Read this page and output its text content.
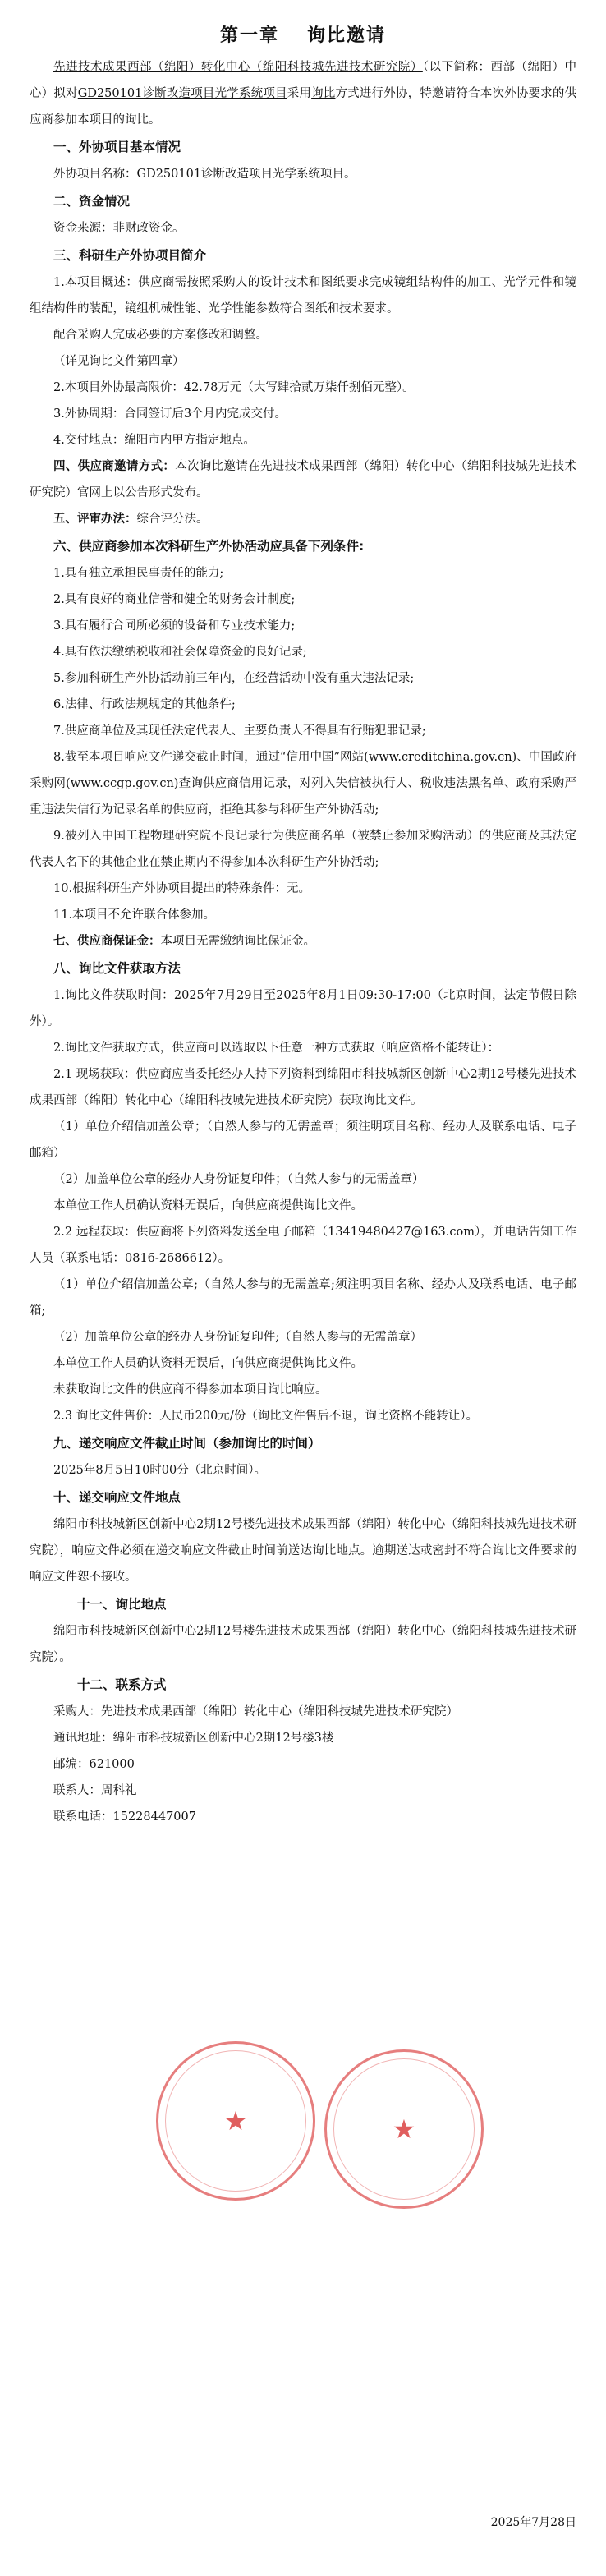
第一章 询比邀请

先进技术成果西部（绵阳）转化中心（绵阳科技城先进技术研究院）（以下简称：西部（绵阳）中心）拟对GD250101诊断改造项目光学系统项目采用询比方式进行外协，特邀请符合本次外协要求的供应商参加本项目的询比。

一、外协项目基本情况

外协项目名称：GD250101诊断改造项目光学系统项目。

二、资金情况

资金来源：非财政资金。

三、科研生产外协项目简介

1.本项目概述：供应商需按照采购人的设计技术和图纸要求完成镜组结构件的加工、光学元件和镜组结构件的装配，镜组机械性能、光学性能参数符合图纸和技术要求。

配合采购人完成必要的方案修改和调整。

（详见询比文件第四章）

2.本项目外协最高限价：42.78万元（大写肆拾贰万柒仟捌佰元整）。

3.外协周期：合同签订后3个月内完成交付。

4.交付地点：绵阳市内甲方指定地点。

四、供应商邀请方式：本次询比邀请在先进技术成果西部（绵阳）转化中心（绵阳科技城先进技术研究院）官网上以公告形式发布。

五、评审办法：综合评分法。

六、供应商参加本次科研生产外协活动应具备下列条件:

1.具有独立承担民事责任的能力;

2.具有良好的商业信誉和健全的财务会计制度;

3.具有履行合同所必须的设备和专业技术能力;

4.具有依法缴纳税收和社会保障资金的良好记录;

5.参加科研生产外协活动前三年内，在经营活动中没有重大违法记录;

6.法律、行政法规规定的其他条件;

7.供应商单位及其现任法定代表人、主要负责人不得具有行贿犯罪记录;

8.截至本项目响应文件递交截止时间，通过“信用中国”网站(www.creditchina.gov.cn)、中国政府采购网(www.ccgp.gov.cn)查询供应商信用记录，对列入失信被执行人、税收违法黑名单、政府采购严重违法失信行为记录名单的供应商，拒绝其参与科研生产外协活动;

9.被列入中国工程物理研究院不良记录行为供应商名单（被禁止参加采购活动）的供应商及其法定代表人名下的其他企业在禁止期内不得参加本次科研生产外协活动;

10.根据科研生产外协项目提出的特殊条件：无。

11.本项目不允许联合体参加。

七、供应商保证金：本项目无需缴纳询比保证金。

八、询比文件获取方法

1.询比文件获取时间：2025年7月29日至2025年8月1日09:30-17:00（北京时间，法定节假日除外）。

2.询比文件获取方式，供应商可以选取以下任意一种方式获取（响应资格不能转让）：

2.1 现场获取：供应商应当委托经办人持下列资料到绵阳市科技城新区创新中心2期12号楼先进技术成果西部（绵阳）转化中心（绵阳科技城先进技术研究院）获取询比文件。

（1）单位介绍信加盖公章；（自然人参与的无需盖章；须注明项目名称、经办人及联系电话、电子邮箱）

（2）加盖单位公章的经办人身份证复印件；（自然人参与的无需盖章）

本单位工作人员确认资料无误后，向供应商提供询比文件。

2.2 远程获取：供应商将下列资料发送至电子邮箱（13419480427@163.com），并电话告知工作人员（联系电话：0816-2686612）。

（1）单位介绍信加盖公章;（自然人参与的无需盖章;须注明项目名称、经办人及联系电话、电子邮箱;

（2）加盖单位公章的经办人身份证复印件;（自然人参与的无需盖章）

本单位工作人员确认资料无误后，向供应商提供询比文件。

未获取询比文件的供应商不得参加本项目询比响应。

2.3 询比文件售价：人民币200元/份（询比文件售后不退，询比资格不能转让）。

九、递交响应文件截止时间（参加询比的时间）

2025年8月5日10时00分（北京时间）。

十、递交响应文件地点

绵阳市科技城新区创新中心2期12号楼先进技术成果西部（绵阳）转化中心（绵阳科技城先进技术研究院），响应文件必须在递交响应文件截止时间前送达询比地点。逾期送达或密封不符合询比文件要求的响应文件恕不接收。

十一、询比地点

绵阳市科技城新区创新中心2期12号楼先进技术成果西部（绵阳）转化中心（绵阳科技城先进技术研究院）。

十二、联系方式

采购人：先进技术成果西部（绵阳）转化中心（绵阳科技城先进技术研究院）

通讯地址：绵阳市科技城新区创新中心2期12号楼3楼

邮编：621000

联系人：周科礼

联系电话：15228447007

2025年7月28日
★	★
